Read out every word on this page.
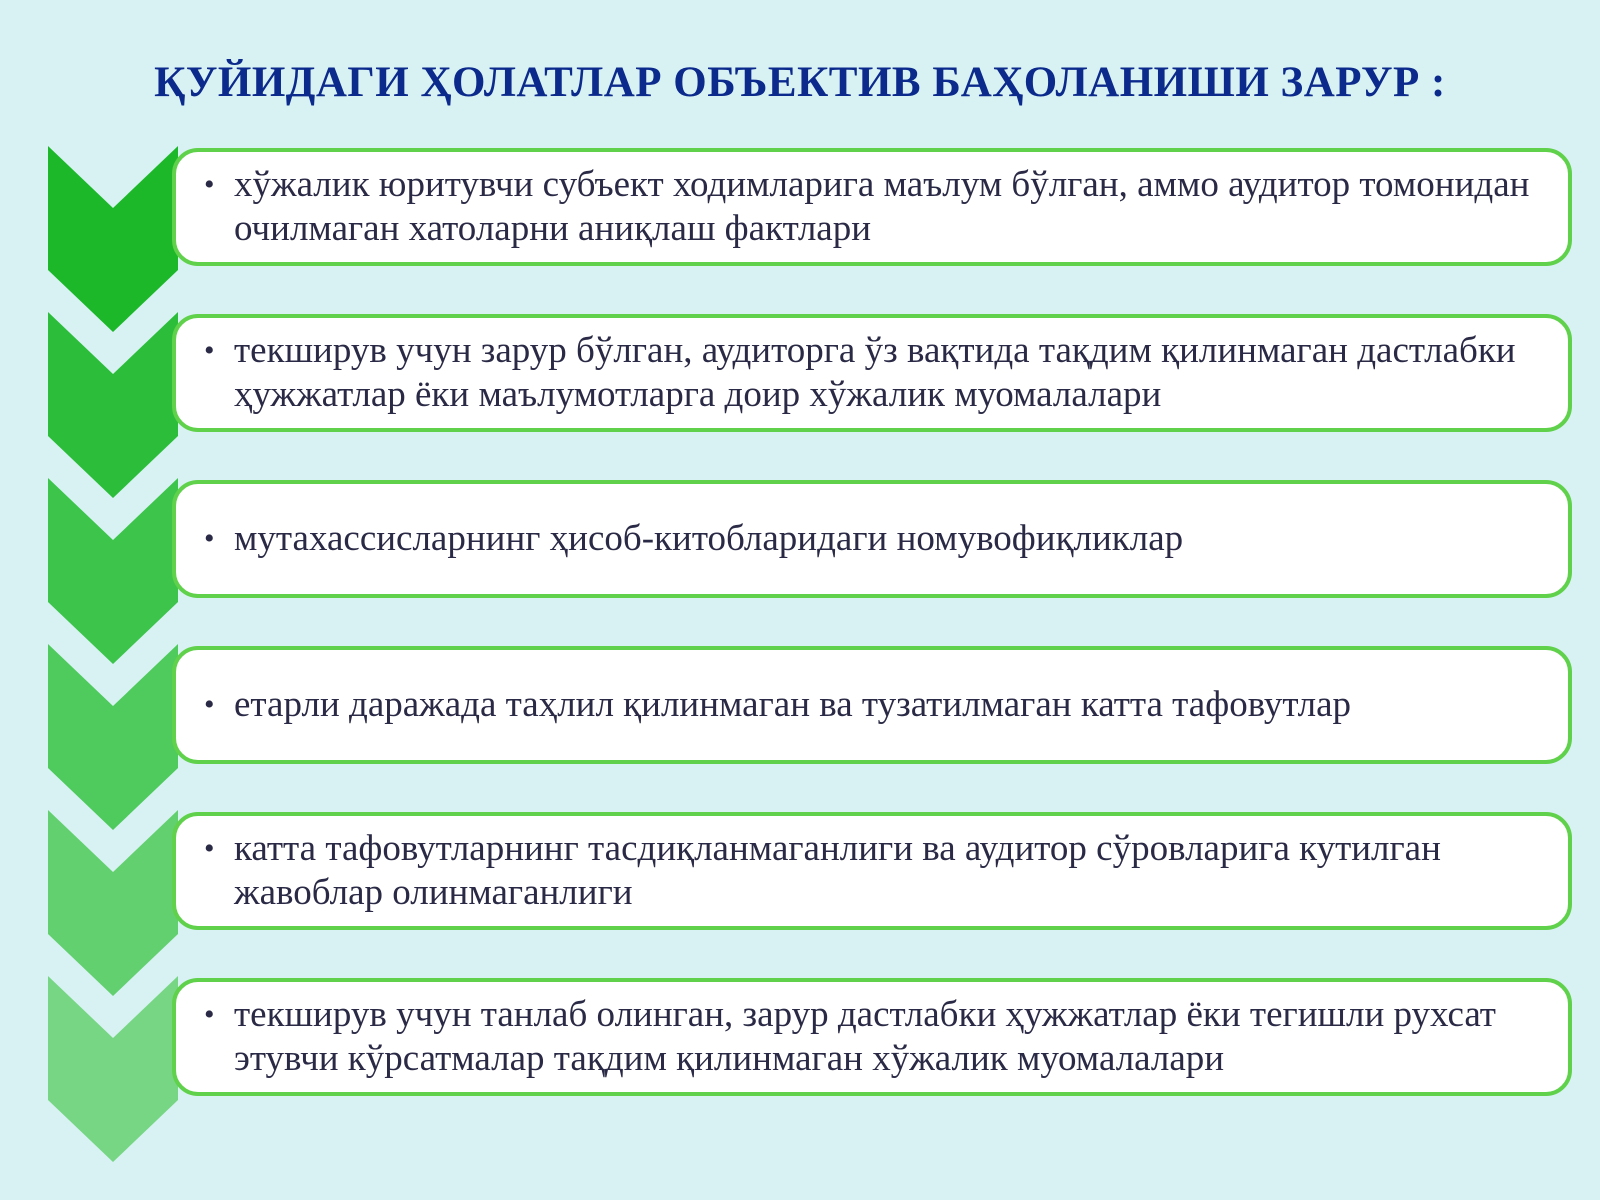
ҚУЙИДАГИ ҲОЛАТЛАР ОБЪЕКТИВ БАҲОЛАНИШИ ЗАРУР :
• хўжалик юритувчи субъект ходимларига маълум бўлган, аммо аудитор томонидан очилмаган хатоларни аниқлаш фактлари
• текширув учун зарур бўлган, аудиторга ўз вақтида тақдим қилинмаган дастлабки ҳужжатлар ёки маълумотларга доир хўжалик муомалалари
• мутахассисларнинг ҳисоб-китобларидаги номувофиқликлар
• етарли даражада таҳлил қилинмаган ва тузатилмаган катта тафовутлар
• катта тафовутларнинг тасдиқланмаганлиги ва аудитор сўровларига кутилган жавоблар олинмаганлиги
• текширув учун танлаб олинган, зарур дастлабки ҳужжатлар ёки тегишли рухсат этувчи кўрсатмалар тақдим қилинмаган хўжалик муомалалари
